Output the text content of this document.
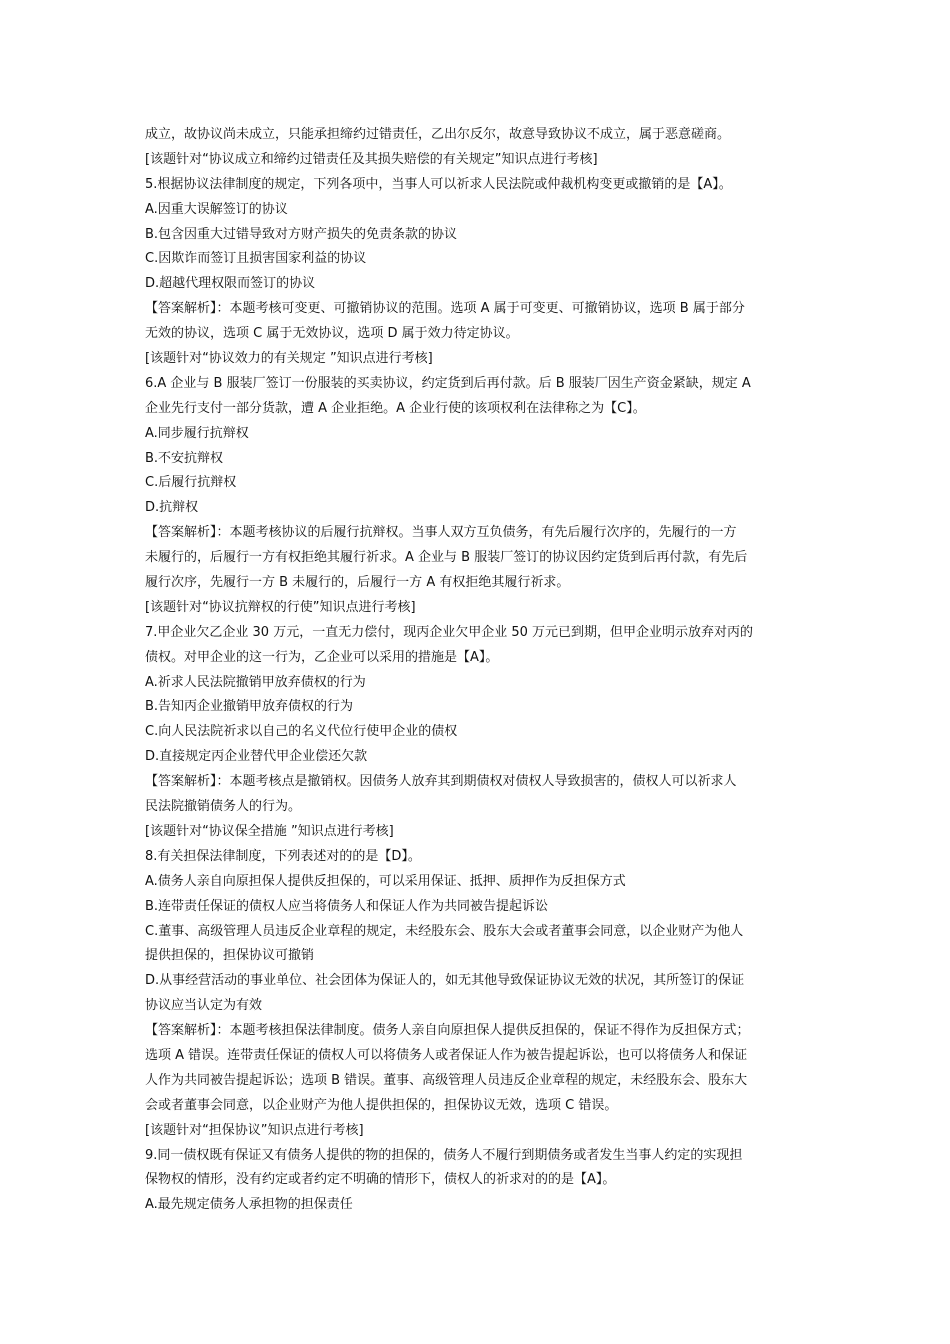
成立，故协议尚未成立，只能承担缔约过错责任，乙出尔反尔，故意导致协议不成立，属于恶意磋商。
[该题针对“协议成立和缔约过错责任及其损失赔偿的有关规定”知识点进行考核]
5.根据协议法律制度的规定，下列各项中，当事人可以祈求人民法院或仲裁机构变更或撤销的是【A】。
A.因重大误解签订的协议
B.包含因重大过错导致对方财产损失的免责条款的协议
C.因欺诈而签订且损害国家利益的协议
D.超越代理权限而签订的协议
【答案解析】：本题考核可变更、可撤销协议的范围。选项 A 属于可变更、可撤销协议，选项 B 属于部分
无效的协议，选项 C 属于无效协议，选项 D 属于效力待定协议。
[该题针对“协议效力的有关规定 ”知识点进行考核]
6.A 企业与 B 服装厂签订一份服装的买卖协议，约定货到后再付款。后 B 服装厂因生产资金紧缺，规定 A
企业先行支付一部分货款，遭 A 企业拒绝。A 企业行使的该项权利在法律称之为【C】。
A.同步履行抗辩权
B.不安抗辩权
C.后履行抗辩权
D.抗辩权
【答案解析】：本题考核协议的后履行抗辩权。当事人双方互负债务，有先后履行次序的，先履行的一方
未履行的，后履行一方有权拒绝其履行祈求。A 企业与 B 服装厂签订的协议因约定货到后再付款，有先后
履行次序，先履行一方 B 未履行的，后履行一方 A 有权拒绝其履行祈求。
[该题针对“协议抗辩权的行使”知识点进行考核]
7.甲企业欠乙企业 30 万元，一直无力偿付，现丙企业欠甲企业 50 万元已到期，但甲企业明示放弃对丙的
债权。对甲企业的这一行为，乙企业可以采用的措施是【A】。
A.祈求人民法院撤销甲放弃债权的行为
B.告知丙企业撤销甲放弃债权的行为
C.向人民法院祈求以自己的名义代位行使甲企业的债权
D.直接规定丙企业替代甲企业偿还欠款
【答案解析】：本题考核点是撤销权。因债务人放弃其到期债权对债权人导致损害的，债权人可以祈求人
民法院撤销债务人的行为。
[该题针对“协议保全措施 ”知识点进行考核]
8.有关担保法律制度，下列表述对的的是【D】。
A.债务人亲自向原担保人提供反担保的，可以采用保证、抵押、质押作为反担保方式
B.连带责任保证的债权人应当将债务人和保证人作为共同被告提起诉讼
C.董事、高级管理人员违反企业章程的规定，未经股东会、股东大会或者董事会同意，以企业财产为他人
提供担保的，担保协议可撤销
D.从事经营活动的事业单位、社会团体为保证人的，如无其他导致保证协议无效的状况，其所签订的保证
协议应当认定为有效
【答案解析】：本题考核担保法律制度。债务人亲自向原担保人提供反担保的，保证不得作为反担保方式；
选项 A 错误。连带责任保证的债权人可以将债务人或者保证人作为被告提起诉讼，也可以将债务人和保证
人作为共同被告提起诉讼；选项 B 错误。董事、高级管理人员违反企业章程的规定，未经股东会、股东大
会或者董事会同意，以企业财产为他人提供担保的，担保协议无效，选项 C 错误。
[该题针对“担保协议”知识点进行考核]
9.同一债权既有保证又有债务人提供的物的担保的，债务人不履行到期债务或者发生当事人约定的实现担
保物权的情形，没有约定或者约定不明确的情形下，债权人的祈求对的的是【A】。
A.最先规定债务人承担物的担保责任
